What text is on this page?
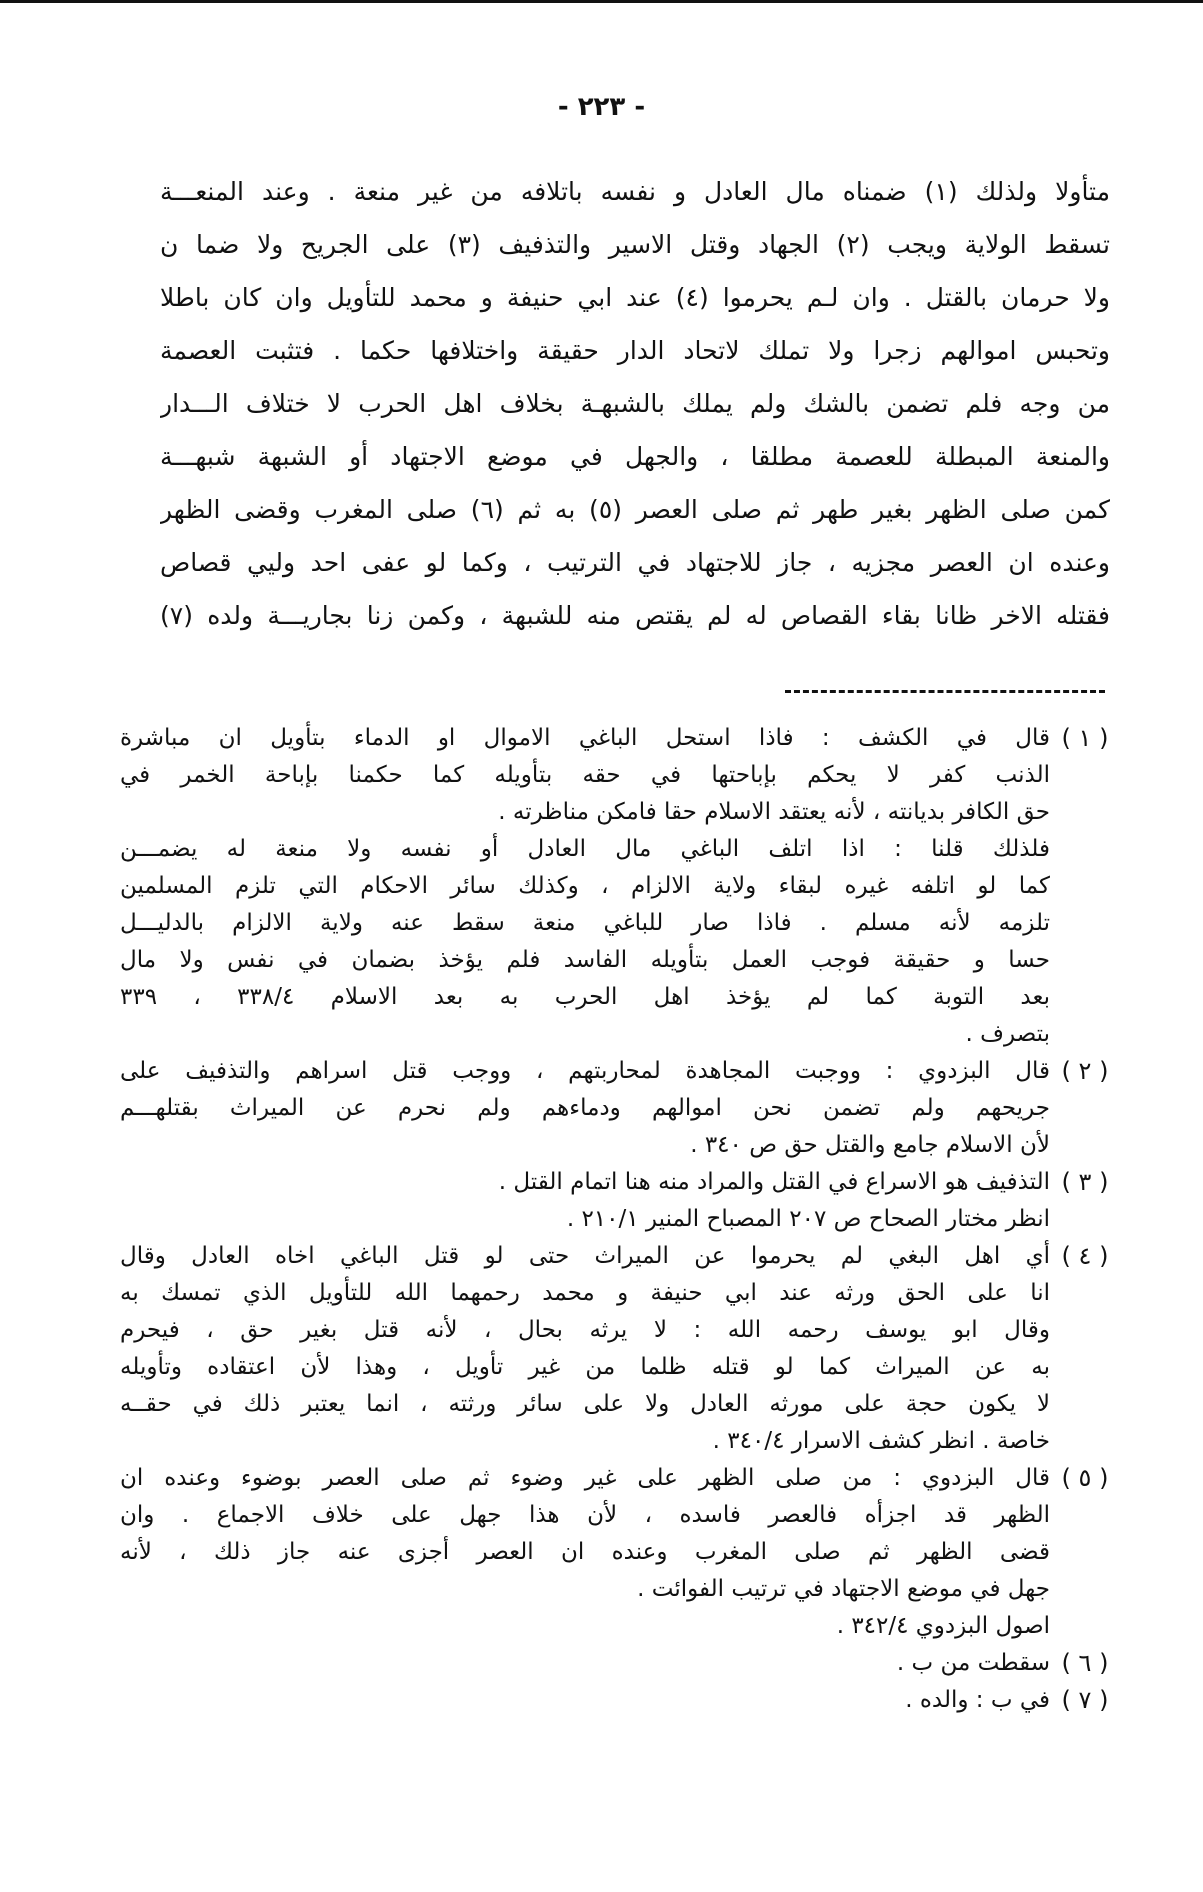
- ٢٢٣ -
متأولا ولذلك (١) ضمناه مال العادل و نفسه باتلافه من غير منعة . وعند المنعـــة
تسقط الولاية ويجب (٢) الجهاد وقتل الاسير والتذفيف (٣) على الجريح ولا ضما ن
ولا حرمان بالقتل . وان لـم يحرموا (٤) عند ابي حنيفة و محمد للتأويل وان كان باطلا
وتحبس اموالهم زجرا ولا تملك لاتحاد الدار حقيقة واختلافها حكما . فتثبت العصمة
من وجه فلم تضمن بالشك ولم يملك بالشبهـة بخلاف اهل الحرب لا ختلاف الـــدار
والمنعة المبطلة للعصمة مطلقا ، والجهل في موضع الاجتهاد أو الشبهة شبهـــة
كمن صلى الظهر بغير طهر ثم صلى العصر (٥) به ثم (٦) صلى المغرب وقضى الظهر
وعنده ان العصر مجزيه ، جاز للاجتهاد في الترتيب ، وكما لو عفى احد وليي قصاص
فقتله الاخر ظانا بقاء القصاص له لم يقتص منه للشبهة ، وكمن زنا بجاريـــة ولده (٧)
( ١ )
قال في الكشف : فاذا استحل الباغي الاموال او الدماء بتأويل ان مباشرة
الذنب كفر لا يحكم بإباحتها في حقه بتأويله كما حكمنا بإباحة الخمر في
حق الكافر بديانته ، لأنه يعتقد الاسلام حقا فامكن مناظرته .
فلذلك قلنا : اذا اتلف الباغي مال العادل أو نفسه ولا منعة له يضمـــن
كما لو اتلفه غيره لبقاء ولاية الالزام ، وكذلك سائر الاحكام التي تلزم المسلمين
تلزمه لأنه مسلم . فاذا صار للباغي منعة سقط عنه ولاية الالزام بالدليـــل
حسا و حقيقة فوجب العمل بتأويله الفاسد فلم يؤخذ بضمان في نفس ولا مال
بعد التوبة كما لم يؤخذ اهل الحرب به بعد الاسلام ٣٣٨/٤ ، ٣٣٩
بتصرف .
( ٢ )
قال البزدوي : ووجبت المجاهدة لمحاربتهم ، ووجب قتل اسراهم والتذفيف على
جريحهم ولم تضمن نحن اموالهم ودماءهم ولم نحرم عن الميراث بقتلهـــم
لأن الاسلام جامع والقتل حق ص ٣٤٠ .
( ٣ )
التذفيف هو الاسراع في القتل والمراد منه هنا اتمام القتل .
انظر مختار الصحاح ص ٢٠٧ المصباح المنير ٢١٠/١ .
( ٤ )
أي اهل البغي لم يحرموا عن الميراث حتى لو قتل الباغي اخاه العادل وقال
انا على الحق ورثه عند ابي حنيفة و محمد رحمهما الله للتأويل الذي تمسك به
وقال ابو يوسف رحمه الله : لا يرثه بحال ، لأنه قتل بغير حق ، فيحرم
به عن الميراث كما لو قتله ظلما من غير تأويل ، وهذا لأن اعتقاده وتأويله
لا يكون حجة على مورثه العادل ولا على سائر ورثته ، انما يعتبر ذلك في حقــه
خاصة . انظر كشف الاسرار ٣٤٠/٤ .
( ٥ )
قال البزدوي : من صلى الظهر على غير وضوء ثم صلى العصر بوضوء وعنده ان
الظهر قد اجزأه فالعصر فاسده ، لأن هذا جهل على خلاف الاجماع . وان
قضى الظهر ثم صلى المغرب وعنده ان العصر أجزى عنه جاز ذلك ، لأنه
جهل في موضع الاجتهاد في ترتيب الفوائت .
اصول البزدوي ٣٤٢/٤ .
( ٦ )
سقطت من ب .
( ٧ )
في ب : والده .
